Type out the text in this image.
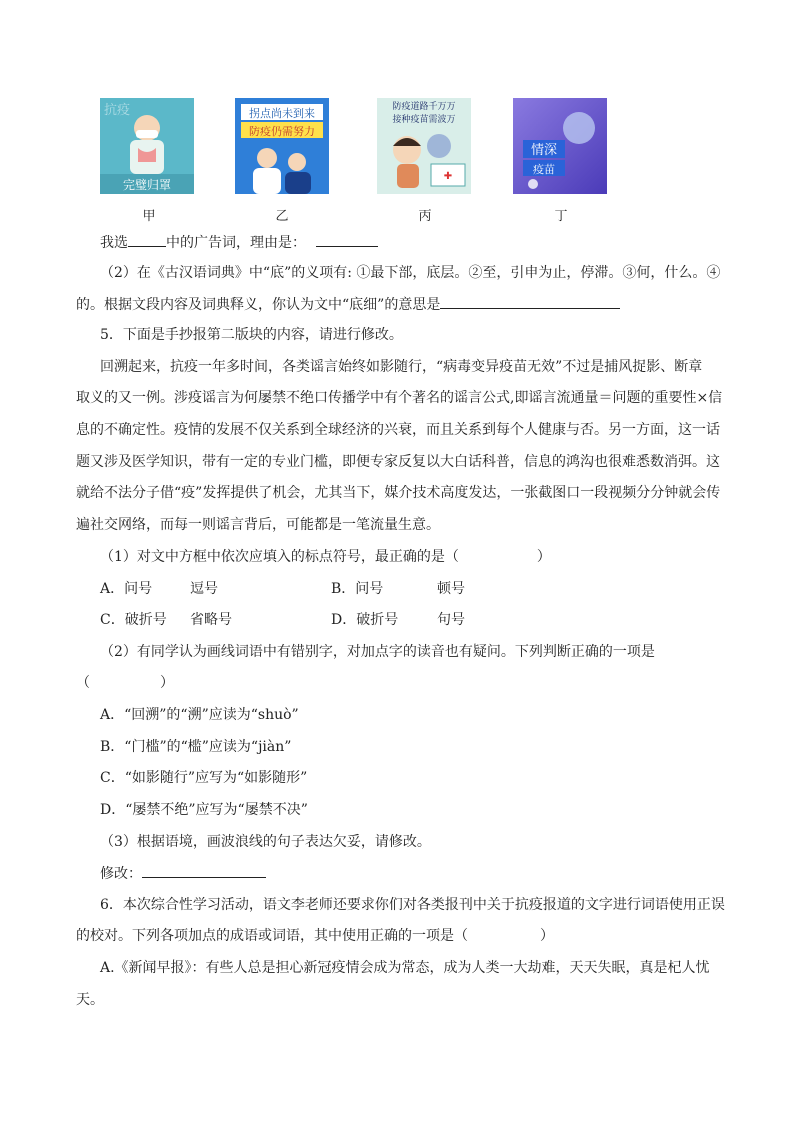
抗疫
完璧归罩
拐点尚未到来
防疫仍需努力
防疫道路千万万
接种疫苗需波万
✚
情深
疫苗
甲	乙	丙	丁
我选	中的广告词，理由是：
（2）在《古汉语词典》中“底”的义项有: ①最下部，底层。②至，引申为止，停滞。③何，什么。④
的。根据文段内容及词典释义，你认为文中“底细”的意思是
5．下面是手抄报第二版块的内容，请进行修改。
回溯起来，抗疫一年多时间，各类谣言始终如影随行，“病毒变异疫苗无效”不过是捕风捉影、断章
取义的又一例。涉疫谣言为何屡禁不绝口传播学中有个著名的谣言公式,即谣言流通量＝问题的重要性×信
息的不确定性。疫情的发展不仅关系到全球经济的兴衰，而且关系到每个人健康与否。另一方面，这一话
题又涉及医学知识，带有一定的专业门槛，即便专家反复以大白话科普，信息的鸿沟也很难悉数消弭。这
就给不法分子借“疫”发挥提供了机会，尤其当下，媒介技术高度发达，一张截图口一段视频分分钟就会传
遍社交网络，而每一则谣言背后，可能都是一笔流量生意。
（1）对文中方框中依次应填入的标点符号，最正确的是（	）
A．问号	逗号	B．问号	顿号
C．破折号 省略号	D．破折号	句号
（2）有同学认为画线词语中有错别字，对加点字的读音也有疑问。下列判断正确的一项是
（	）
A．“回溯”的“溯”应读为“shuò”
B．“门槛”的“槛”应读为“jiàn”
C．“如影随行”应写为“如影随形”
D．“屡禁不绝”应写为“屡禁不决”
（3）根据语境，画波浪线的句子表达欠妥，请修改。
修改：
6．本次综合性学习活动，语文李老师还要求你们对各类报刊中关于抗疫报道的文字进行词语使用正误
的校对。下列各项加点的成语或词语，其中使用正确的一项是（	）
A.《新闻早报》：有些人总是担心新冠疫情会成为常态，成为人类一大劫难，天天失眠，真是杞人忧
天。
